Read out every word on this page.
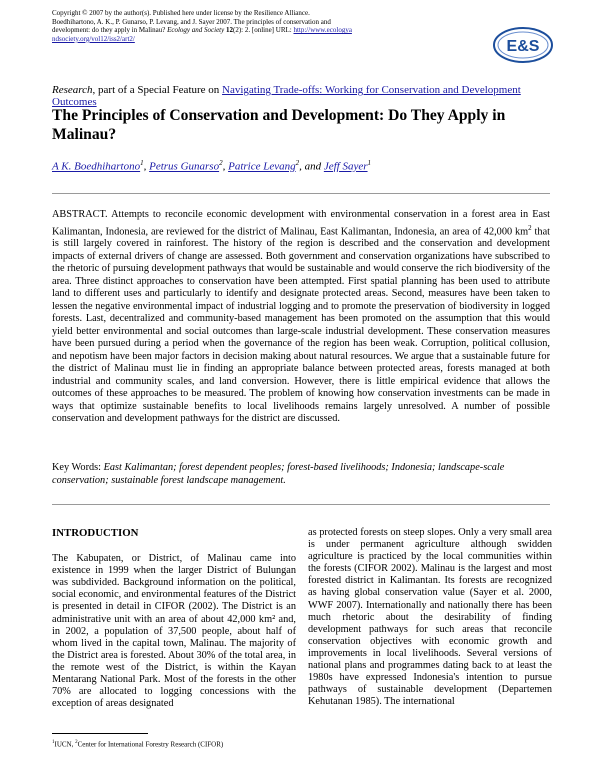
Copyright © 2007 by the author(s). Published here under license by the Resilience Alliance.
Boedhihartono, A. K., P. Gunarso, P. Levang, and J. Sayer 2007. The principles of conservation and
development: do they apply in Malinau? Ecology and Society 12(2): 2. [online] URL: http://www.ecologya
ndsociety.org/vol12/iss2/art2/	E&S
Research, part of a Special Feature on Navigating Trade-offs: Working for Conservation and Development Outcomes
The Principles of Conservation and Development: Do They Apply in Malinau?
A K. Boedhihartono$^1$, Petrus Gunarso$^2$, Patrice Levang$^2$, and Jeff Sayer$^1$
ABSTRACT. Attempts to reconcile economic development with environmental conservation in a forest area in East Kalimantan, Indonesia, are reviewed for the district of Malinau, East Kalimantan, Indonesia, an area of 42,000 $km^2$ that is still largely covered in rainforest. The history of the region is described and the conservation and development impacts of external drivers of change are assessed. Both government and conservation organizations have subscribed to the rhetoric of pursuing development pathways that would be sustainable and would conserve the rich biodiversity of the area. Three distinct approaches to conservation have been attempted. First spatial planning has been used to attribute land to different uses and particularly to identify and designate protected areas. Second, measures have been taken to lessen the negative environmental impact of industrial logging and to promote the preservation of biodiversity in logged forests. Last, decentralized and community-based management has been promoted on the assumption that this would yield better environmental and social outcomes than large-scale industrial development. These conservation measures have been pursued during a period when the governance of the region has been weak. Corruption, political collusion, and nepotism have been major factors in decision making about natural resources. We argue that a sustainable future for the district of Malinau must lie in finding an appropriate balance between protected areas, forests managed at both industrial and community scales, and land conversion. However, there is little empirical evidence that allows the outcomes of these approaches to be measured. The problem of knowing how conservation investments can be made in ways that optimize sustainable benefits to local livelihoods remains largely unresolved. A number of possible conservation and development pathways for the district are discussed.
Key Words: East Kalimantan; forest dependent peoples; forest-based livelihoods; Indonesia; landscape-scale conservation; sustainable forest landscape management.
INTRODUCTION
The Kabupaten, or District, of Malinau came into existence in 1999 when the larger District of Bulungan was subdivided. Background information on the political, social economic, and environmental features of the District is presented in detail in CIFOR (2002). The District is an administrative unit with an area of about 42,000 km² and, in 2002, a population of 37,500 people, about half of whom lived in the capital town, Malinau. The majority of the District area is forested. About 30% of the total area, in the remote west of the District, is within the Kayan Mentarang National Park. Most of the forests in the other 70% are allocated to logging concessions with the exception of areas designated
as protected forests on steep slopes. Only a very small area is under permanent agriculture although swidden agriculture is practiced by the local communities within the forests (CIFOR 2002). Malinau is the largest and most forested district in Kalimantan. Its forests are recognized as having global conservation value (Sayer et al. 2000, WWF 2007). Internationally and nationally there has been much rhetoric about the desirability of finding development pathways for such areas that reconcile conservation objectives with economic growth and improvements in local livelihoods. Several versions of national plans and programmes dating back to at least the 1980s have expressed Indonesia's intention to pursue pathways of sustainable development (Departemen Kehutanan 1985). The international
$^1$IUCN, $^2$Center for International Forestry Research (CIFOR)
